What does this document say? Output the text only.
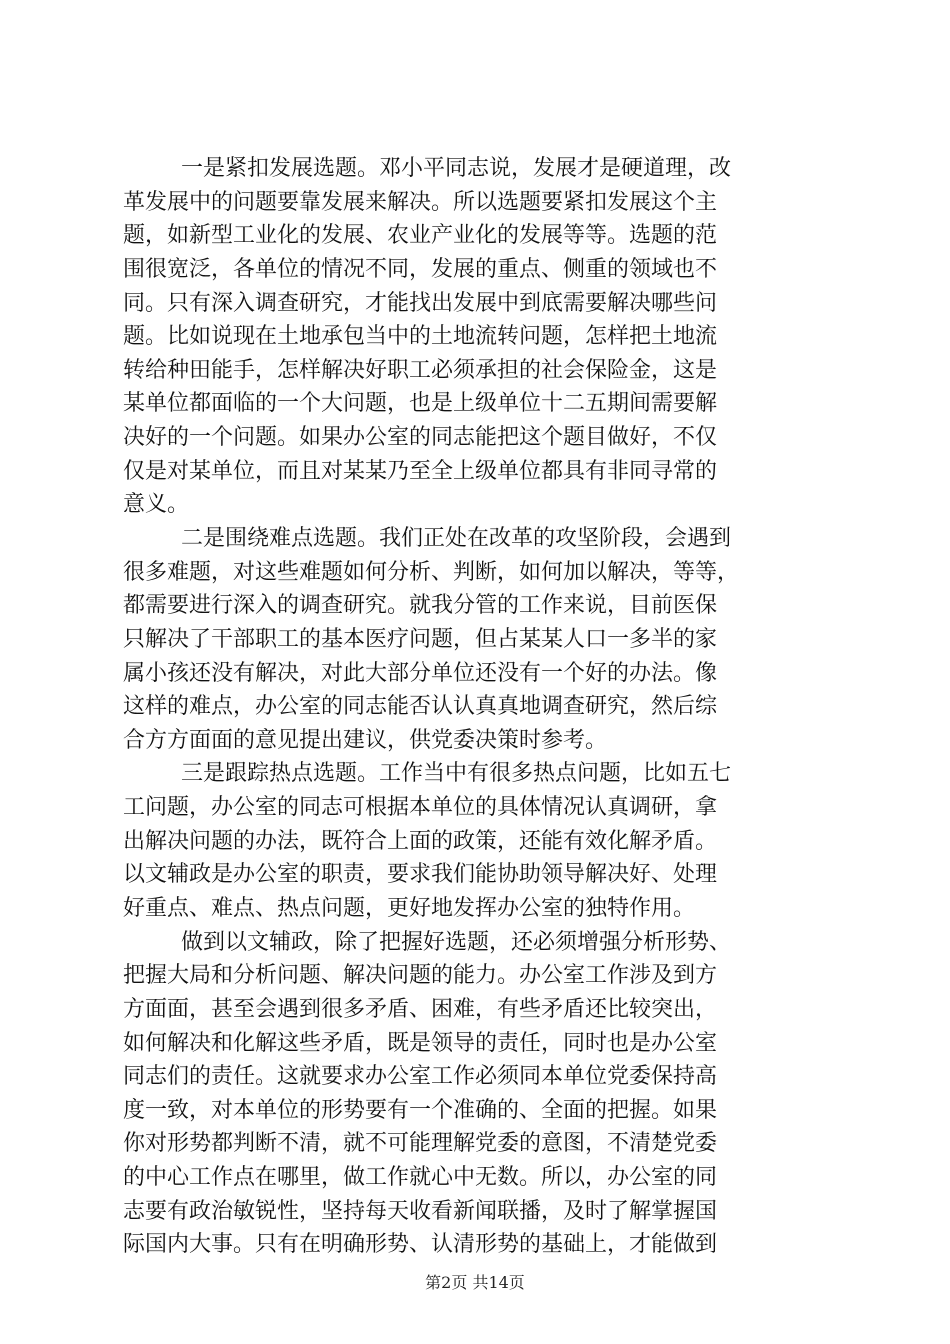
一是紧扣发展选题。邓小平同志说，发展才是硬道理，改
革发展中的问题要靠发展来解决。所以选题要紧扣发展这个主
题，如新型工业化的发展、农业产业化的发展等等。选题的范
围很宽泛，各单位的情况不同，发展的重点、侧重的领域也不
同。只有深入调查研究，才能找出发展中到底需要解决哪些问
题。比如说现在土地承包当中的土地流转问题，怎样把土地流
转给种田能手，怎样解决好职工必须承担的社会保险金，这是
某单位都面临的一个大问题，也是上级单位十二五期间需要解
决好的一个问题。如果办公室的同志能把这个题目做好，不仅
仅是对某单位，而且对某某乃至全上级单位都具有非同寻常的
意义。
二是围绕难点选题。我们正处在改革的攻坚阶段，会遇到
很多难题，对这些难题如何分析、判断，如何加以解决，等等，
都需要进行深入的调查研究。就我分管的工作来说，目前医保
只解决了干部职工的基本医疗问题，但占某某人口一多半的家
属小孩还没有解决，对此大部分单位还没有一个好的办法。像
这样的难点，办公室的同志能否认认真真地调查研究，然后综
合方方面面的意见提出建议，供党委决策时参考。
三是跟踪热点选题。工作当中有很多热点问题，比如五七
工问题，办公室的同志可根据本单位的具体情况认真调研，拿
出解决问题的办法，既符合上面的政策，还能有效化解矛盾。
以文辅政是办公室的职责，要求我们能协助领导解决好、处理
好重点、难点、热点问题，更好地发挥办公室的独特作用。
做到以文辅政，除了把握好选题，还必须增强分析形势、
把握大局和分析问题、解决问题的能力。办公室工作涉及到方
方面面，甚至会遇到很多矛盾、困难，有些矛盾还比较突出，
如何解决和化解这些矛盾，既是领导的责任，同时也是办公室
同志们的责任。这就要求办公室工作必须同本单位党委保持高
度一致，对本单位的形势要有一个准确的、全面的把握。如果
你对形势都判断不清，就不可能理解党委的意图，不清楚党委
的中心工作点在哪里，做工作就心中无数。所以，办公室的同
志要有政治敏锐性，坚持每天收看新闻联播，及时了解掌握国
际国内大事。只有在明确形势、认清形势的基础上，才能做到
第2页 共14页
